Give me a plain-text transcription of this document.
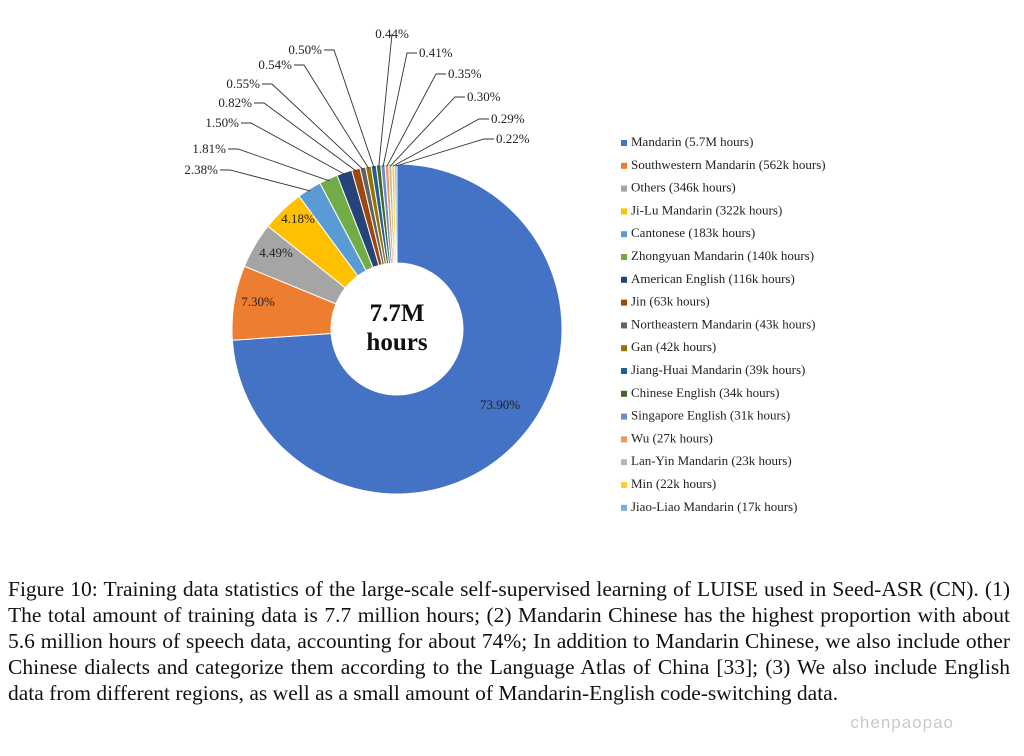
73.90%
7.30%
4.49%
4.18%
2.38%
1.81%
1.50%
0.82%
0.55%
0.54%
0.50%
0.44%
0.41%
0.35%
0.30%
0.29%
0.22%
7.7M
hours
Mandarin (5.7M hours)
Southwestern Mandarin (562k hours)
Others (346k hours)
Ji-Lu Mandarin (322k hours)
Cantonese (183k hours)
Zhongyuan Mandarin (140k hours)
American English (116k hours)
Jin (63k hours)
Northeastern Mandarin (43k hours)
Gan (42k hours)
Jiang-Huai Mandarin (39k hours)
Chinese English (34k hours)
Singapore English (31k hours)
Wu (27k hours)
Lan-Yin Mandarin (23k hours)
Min (22k hours)
Jiao-Liao Mandarin (17k hours)

Figure 10: Training data statistics of the large-scale self-supervised learning of LUISE used in Seed-ASR (CN). (1) The total amount of training data is 7.7 million hours; (2) Mandarin Chinese has the highest proportion with about 5.6 million hours of speech data, accounting for about 74%; In addition to Mandarin Chinese, we also include other Chinese dialects and categorize them according to the Language Atlas of China [33]; (3) We also include English data from different regions, as well as a small amount of Mandarin-English code-switching data.

chenpaopao
